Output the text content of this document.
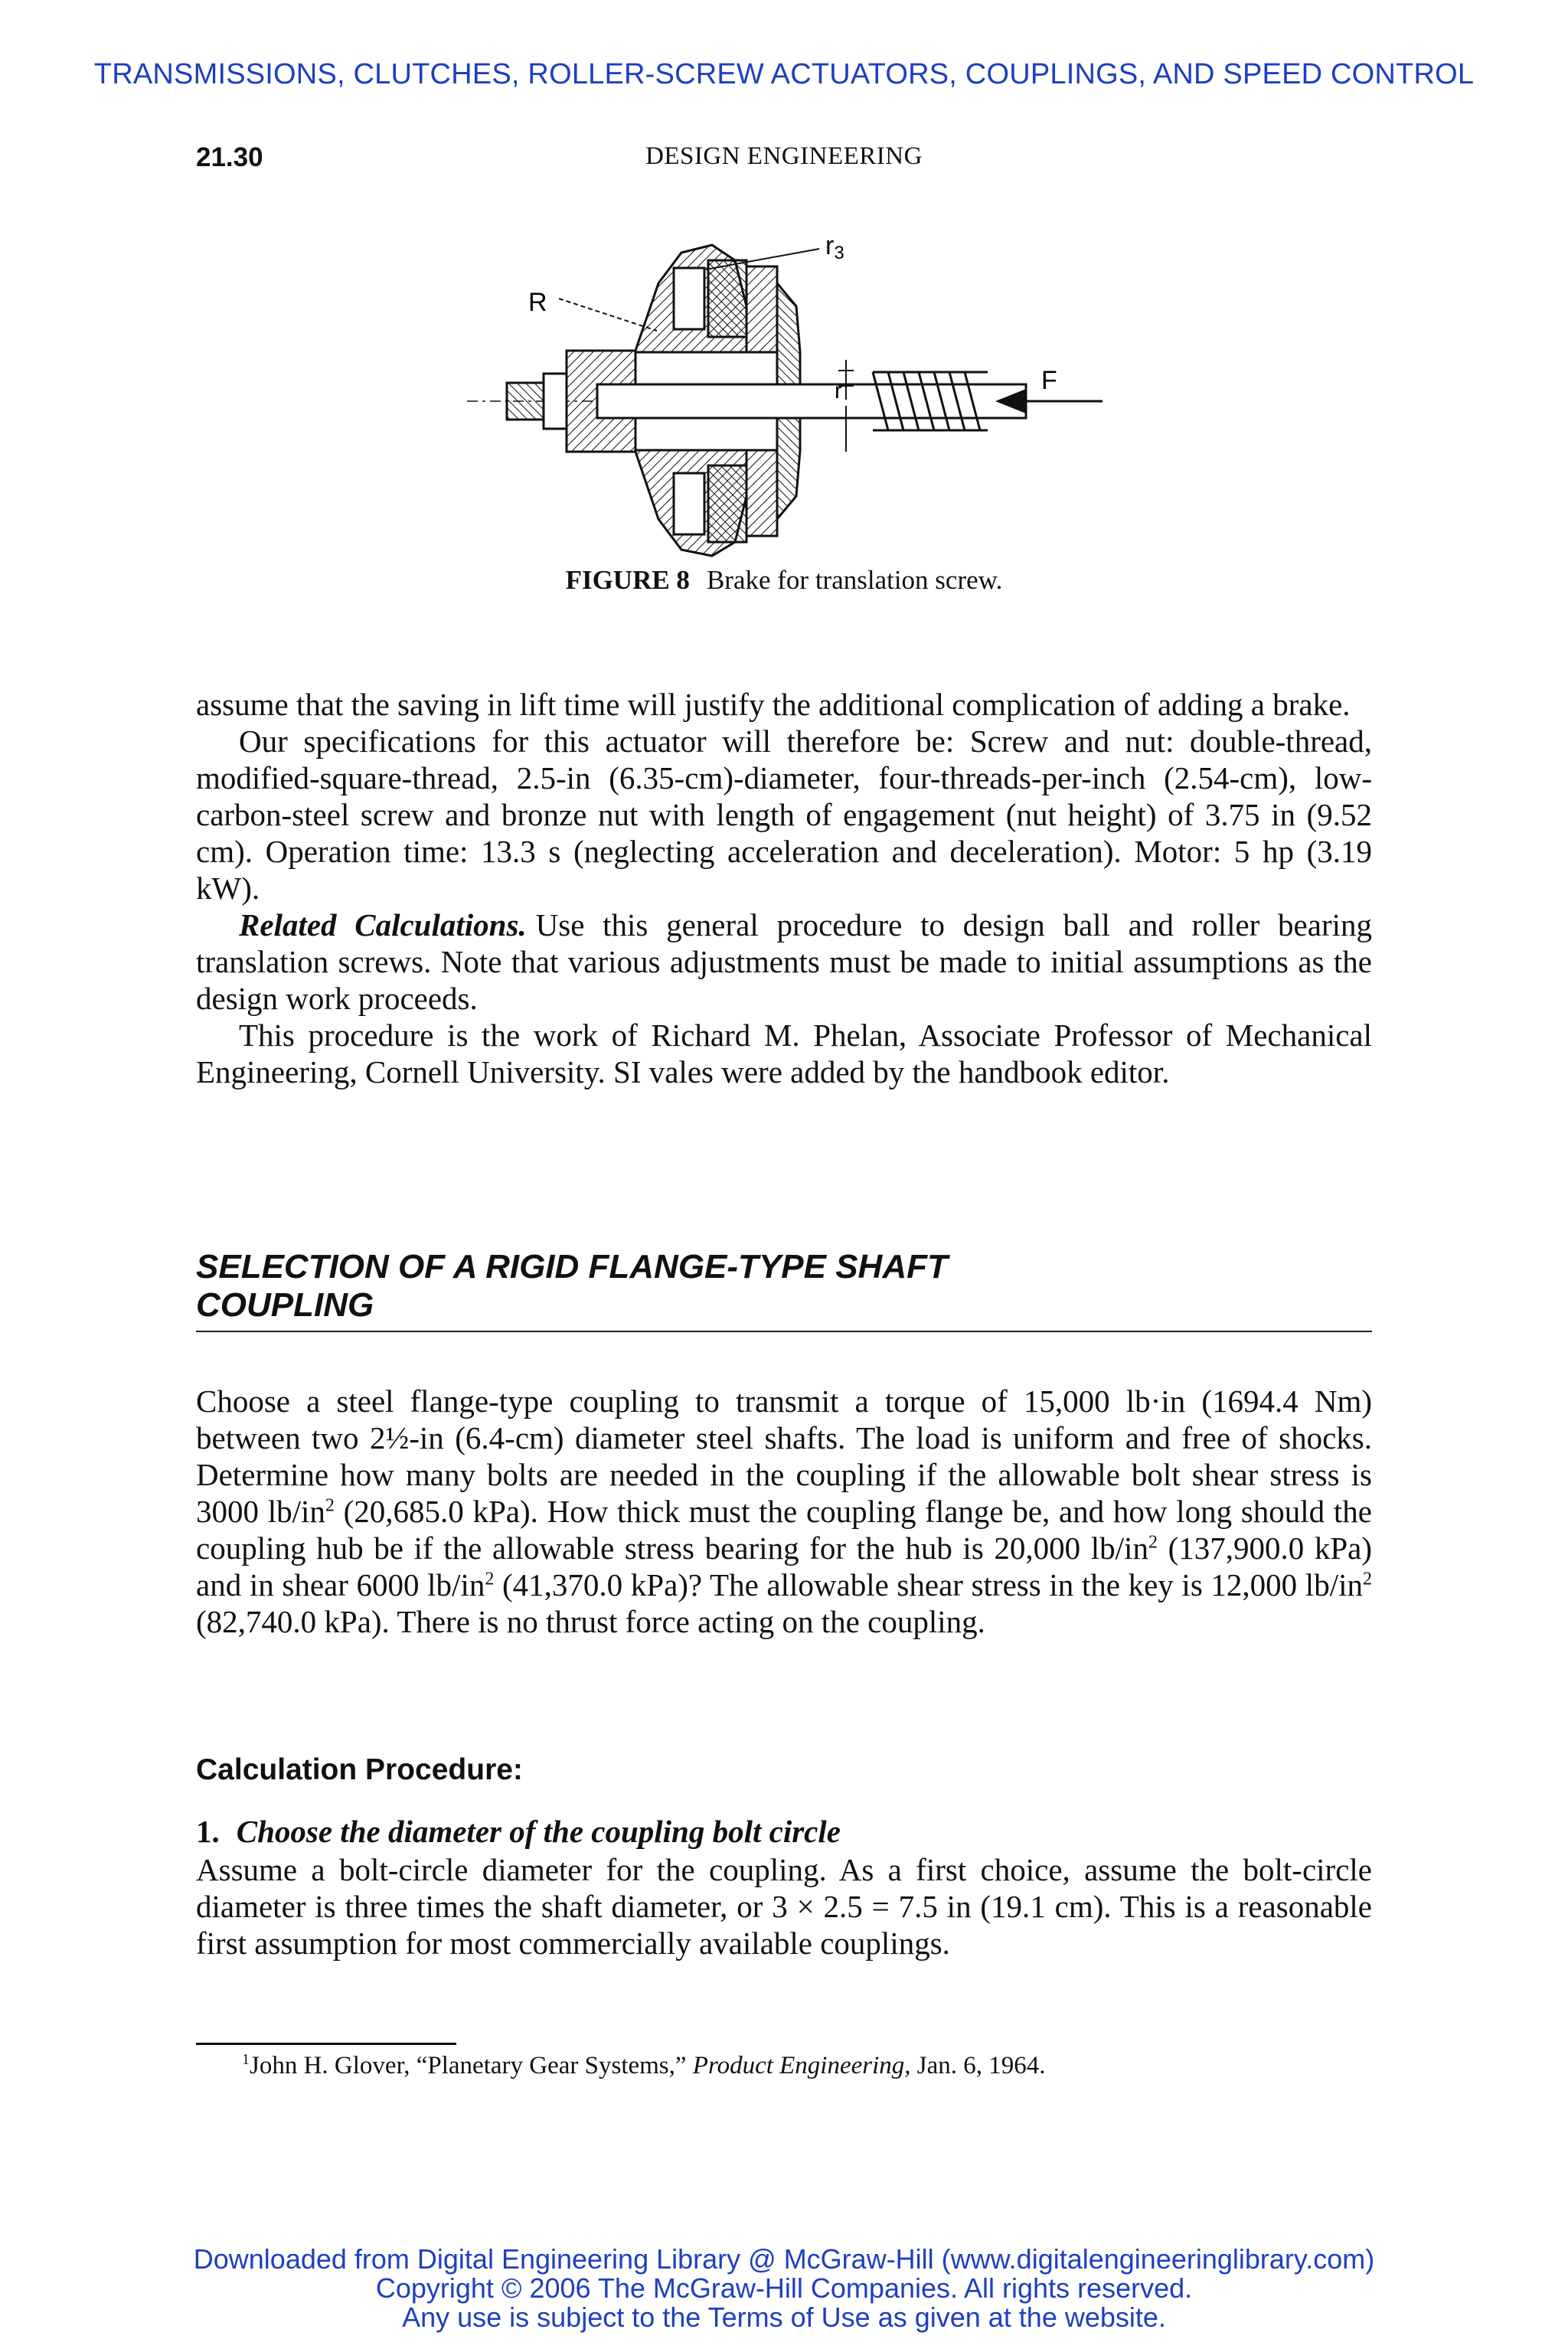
TRANSMISSIONS, CLUTCHES, ROLLER-SCREW ACTUATORS, COUPLINGS, AND SPEED CONTROL
21.30	DESIGN ENGINEERING
r3
R
r	F
FIGURE 8 Brake for translation screw.

assume that the saving in lift time will justify the additional complication of adding a brake.

Our specifications for this actuator will therefore be: Screw and nut: double-thread, modified-square-thread, 2.5-in (6.35-cm)-diameter, four-threads-per-inch (2.54-cm), low-carbon-steel screw and bronze nut with length of engagement (nut height) of 3.75 in (9.52 cm). Operation time: 13.3 s (neglecting acceleration and deceleration). Motor: 5 hp (3.19 kW).

Related Calculations. Use this general procedure to design ball and roller bearing translation screws. Note that various adjustments must be made to initial assumptions as the design work proceeds.

This procedure is the work of Richard M. Phelan, Associate Professor of Mechanical Engineering, Cornell University. SI vales were added by the handbook editor.

SELECTION OF A RIGID FLANGE-TYPE SHAFT
COUPLING

Choose a steel flange-type coupling to transmit a torque of 15,000 lb·in (1694.4 Nm) between two 2½-in (6.4-cm) diameter steel shafts. The load is uniform and free of shocks. Determine how many bolts are needed in the coupling if the allowable bolt shear stress is 3000 $lb/in^2$ (20,685.0 kPa). How thick must the coupling flange be, and how long should the coupling hub be if the allowable stress bearing for the hub is 20,000 $lb/in^2$ (137,900.0 kPa) and in shear 6000 $lb/in^2$ (41,370.0 kPa)? The allowable shear stress in the key is 12,000 $lb/in^2$ (82,740.0 kPa). There is no thrust force acting on the coupling.

Calculation Procedure:
1. Choose the diameter of the coupling bolt circle

Assume a bolt-circle diameter for the coupling. As a first choice, assume the bolt-circle diameter is three times the shaft diameter, or 3 × 2.5 = 7.5 in (19.1 cm). This is a reasonable first assumption for most commercially available couplings.

$^1$John H. Glover, “Planetary Gear Systems,” Product Engineering, Jan. 6, 1964.
Downloaded from Digital Engineering Library @ McGraw-Hill (www.digitalengineeringlibrary.com)
Copyright © 2006 The McGraw-Hill Companies. All rights reserved.
Any use is subject to the Terms of Use as given at the website.
